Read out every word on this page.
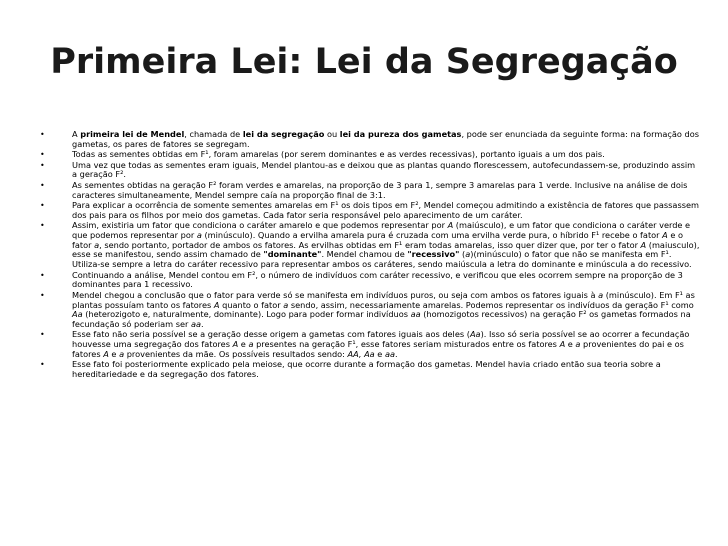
Primeira Lei: Lei da Segregação
•	A primeira lei de Mendel, chamada de lei da segregação ou lei da pureza dos gametas, pode ser enunciada da seguinte forma: na formação dos gametas, os pares de fatores se segregam.
•	Todas as sementes obtidas em F¹, foram amarelas (por serem dominantes e as verdes recessivas), portanto iguais a um dos pais.
•	Uma vez que todas as sementes eram iguais, Mendel plantou-as e deixou que as plantas quando florescessem, autofecundassem-se, produzindo assim a geração F².
•	As sementes obtidas na geração F² foram verdes e amarelas, na proporção de 3 para 1, sempre 3 amarelas para 1 verde. Inclusive na análise de dois caracteres simultaneamente, Mendel sempre caía na proporção final de 3:1.
•	Para explicar a ocorrência de somente sementes amarelas em F¹ os dois tipos em F², Mendel começou admitindo a existência de fatores que passassem dos pais para os filhos por meio dos gametas. Cada fator seria responsável pelo aparecimento de um caráter.
•	Assim, existiria um fator que condiciona o caráter amarelo e que podemos representar por A (maiúsculo), e um fator que condiciona o caráter verde e que podemos representar por a (minúsculo). Quando a ervilha amarela pura é cruzada com uma ervilha verde pura, o híbrido F¹ recebe o fator A e o fator a, sendo portanto, portador de ambos os fatores. As ervilhas obtidas em F¹ eram todas amarelas, isso quer dizer que, por ter o fator A (maiusculo), esse se manifestou, sendo assim chamado de "dominante". Mendel chamou de "recessivo" (a)(minúsculo) o fator que não se manifesta em F¹. Utiliza-se sempre a letra do caráter recessivo para representar ambos os caráteres, sendo maiúscula a letra do dominante e minúscula a do recessivo.
•	Continuando a análise, Mendel contou em F², o número de indivíduos com caráter recessivo, e verificou que eles ocorrem sempre na proporção de 3 dominantes para 1 recessivo.
•	Mendel chegou a conclusão que o fator para verde só se manifesta em indivíduos puros, ou seja com ambos os fatores iguais à a (minúsculo). Em F¹ as plantas possuíam tanto os fatores A quanto o fator a sendo, assim, necessariamente amarelas. Podemos representar os indivíduos da geração F¹ como Aa (heterozigoto e, naturalmente, dominante). Logo para poder formar indivíduos aa (homozigotos recessivos) na geração F² os gametas formados na fecundação só poderiam ser aa.
•	Esse fato não seria possível se a geração desse origem a gametas com fatores iguais aos deles (Aa). Isso só seria possível se ao ocorrer a fecundação houvesse uma segregação dos fatores A e a presentes na geração F¹, esse fatores seriam misturados entre os fatores A e a provenientes do pai e os fatores A e a provenientes da mãe. Os possíveis resultados sendo: AA, Aa e aa.
•	Esse fato foi posteriormente explicado pela meiose, que ocorre durante a formação dos gametas. Mendel havia criado então sua teoria sobre a hereditariedade e da segregação dos fatores.
